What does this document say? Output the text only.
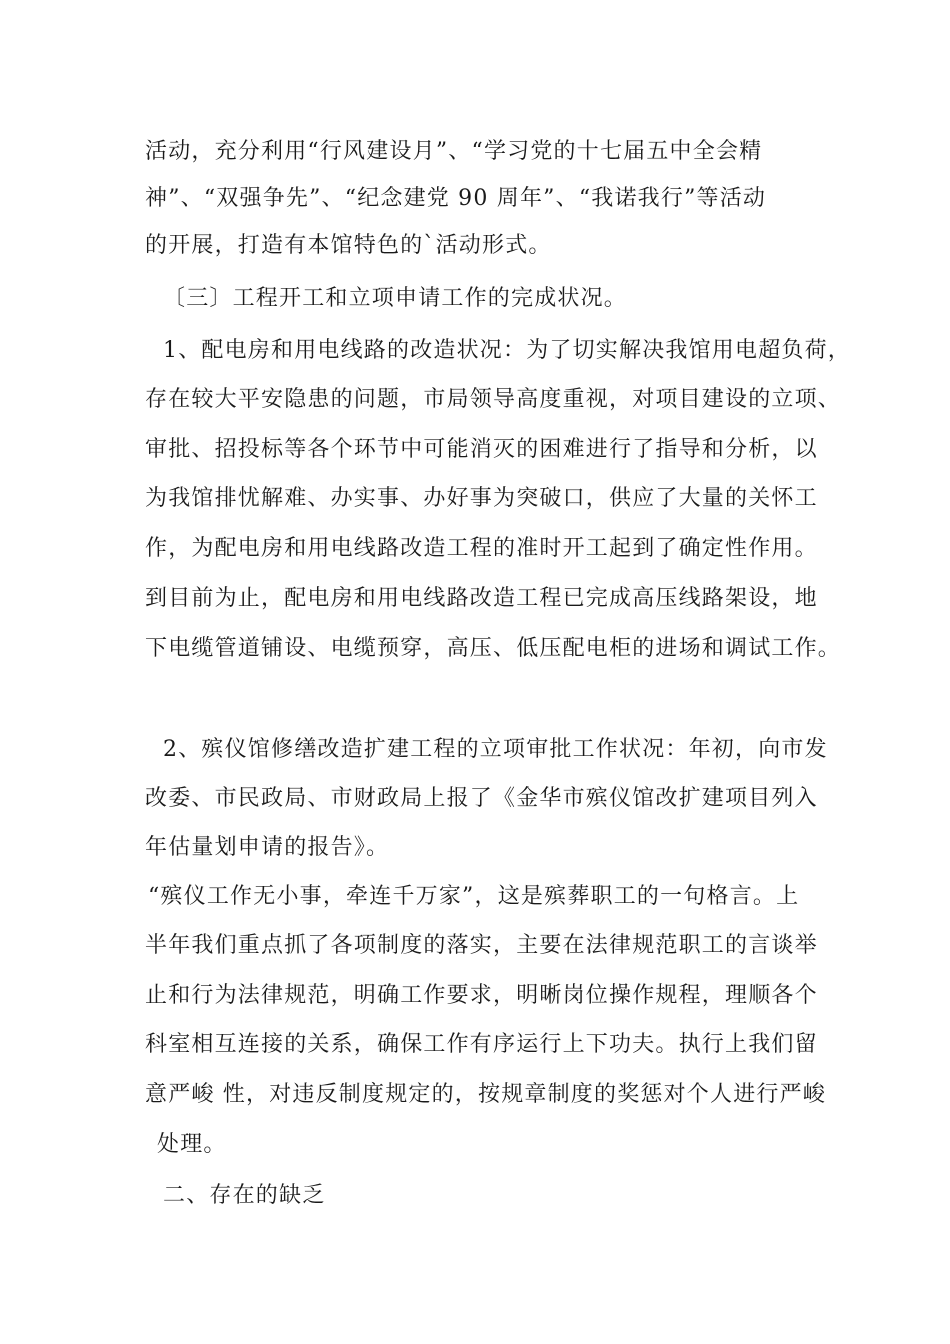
活动，充分利用“行风建设月”、“学习党的十七届五中全会精
神”、“双强争先”、“纪念建党 90 周年”、“我诺我行”等活动
的开展，打造有本馆特色的`活动形式。
〔三〕工程开工和立项申请工作的完成状况。
1、配电房和用电线路的改造状况：为了切实解决我馆用电超负荷，
存在较大平安隐患的问题，市局领导高度重视，对项目建设的立项、
审批、招投标等各个环节中可能消灭的困难进行了指导和分析，以
为我馆排忧解难、办实事、办好事为突破口，供应了大量的关怀工
作，为配电房和用电线路改造工程的准时开工起到了确定性作用。
到目前为止，配电房和用电线路改造工程已完成高压线路架设，地
下电缆管道铺设、电缆预穿，高压、低压配电柜的进场和调试工作。
2、殡仪馆修缮改造扩建工程的立项审批工作状况：年初，向市发
改委、市民政局、市财政局上报了《金华市殡仪馆改扩建项目列入
年估量划申请的报告》。
“殡仪工作无小事，牵连千万家”，这是殡葬职工的一句格言。上
半年我们重点抓了各项制度的落实，主要在法律规范职工的言谈举
止和行为法律规范，明确工作要求，明晰岗位操作规程，理顺各个
科室相互连接的关系，确保工作有序运行上下功夫。执行上我们留
意严峻 性，对违反制度规定的，按规章制度的奖惩对个人进行严峻
处理。
二、存在的缺乏
